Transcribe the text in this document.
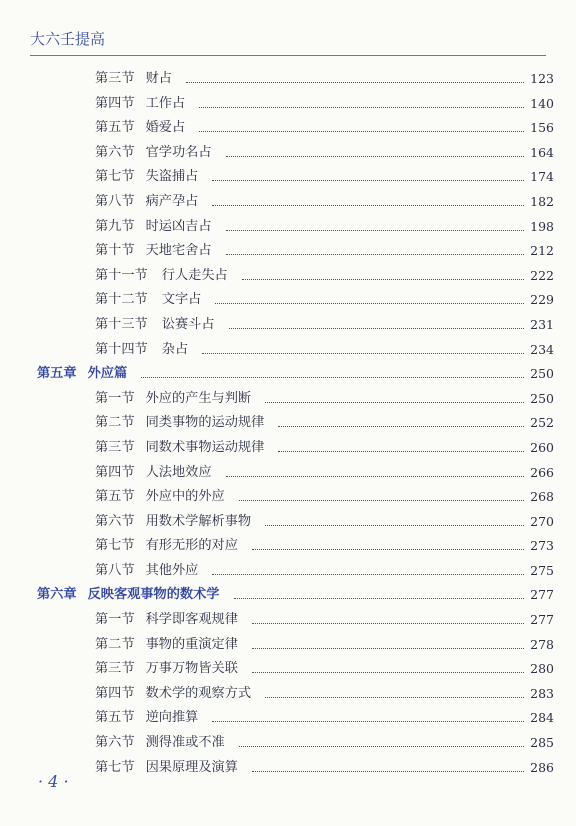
大六壬提高
第三节 财占	123
第四节 工作占	140
第五节 婚爱占	156
第六节 官学功名占	164
第七节 失盗捕占	174
第八节 病产孕占	182
第九节 时运凶吉占	198
第十节 天地宅舍占	212
第十一节 行人走失占	222
第十二节 文字占	229
第十三节 讼赛斗占	231
第十四节 杂占	234
第五章 外应篇	250
第一节 外应的产生与判断	250
第二节 同类事物的运动规律	252
第三节 同数术事物运动规律	260
第四节 人法地效应	266
第五节 外应中的外应	268
第六节 用数术学解析事物	270
第七节 有形无形的对应	273
第八节 其他外应	275
第六章 反映客观事物的数术学	277
第一节 科学即客观规律	277
第二节 事物的重演定律	278
第三节 万事万物皆关联	280
第四节 数术学的观察方式	283
第五节 逆向推算	284
第六节 测得准或不准	285
第七节 因果原理及演算	286
· 4 ·
